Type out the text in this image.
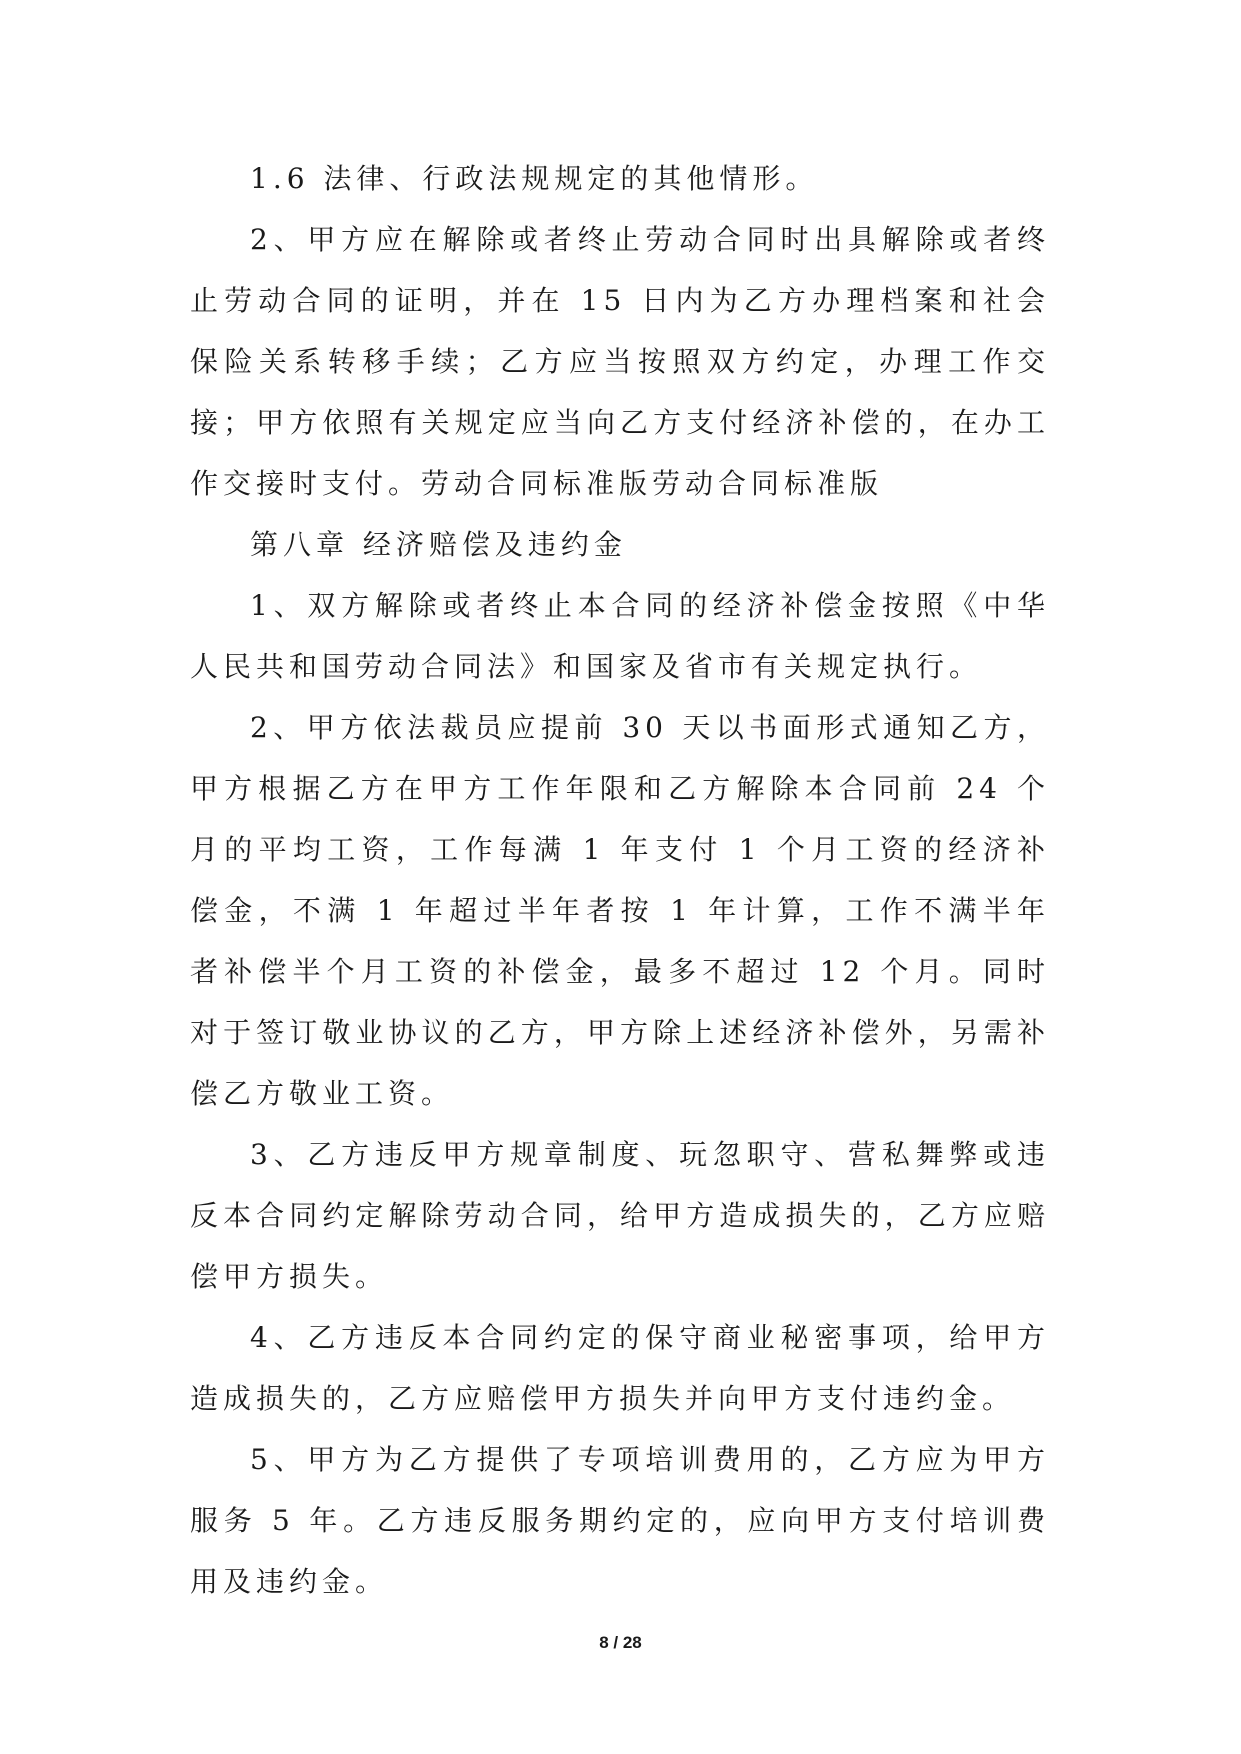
1.6 法律、行政法规规定的其他情形。

2、甲方应在解除或者终止劳动合同时出具解除或者终止劳动合同的证明，并在 15 日内为乙方办理档案和社会保险关系转移手续；乙方应当按照双方约定，办理工作交接；甲方依照有关规定应当向乙方支付经济补偿的，在办工作交接时支付。劳动合同标准版劳动合同标准版

第八章 经济赔偿及违约金

1、双方解除或者终止本合同的经济补偿金按照《中华人民共和国劳动合同法》和国家及省市有关规定执行。

2、甲方依法裁员应提前 30 天以书面形式通知乙方，甲方根据乙方在甲方工作年限和乙方解除本合同前 24 个月的平均工资，工作每满 1 年支付 1 个月工资的经济补偿金，不满 1 年超过半年者按 1 年计算，工作不满半年者补偿半个月工资的补偿金，最多不超过 12 个月。同时对于签订敬业协议的乙方，甲方除上述经济补偿外，另需补偿乙方敬业工资。

3、乙方违反甲方规章制度、玩忽职守、营私舞弊或违反本合同约定解除劳动合同，给甲方造成损失的，乙方应赔偿甲方损失。

4、乙方违反本合同约定的保守商业秘密事项，给甲方造成损失的，乙方应赔偿甲方损失并向甲方支付违约金。

5、甲方为乙方提供了专项培训费用的，乙方应为甲方服务 5 年。乙方违反服务期约定的，应向甲方支付培训费用及违约金。

8 / 28
